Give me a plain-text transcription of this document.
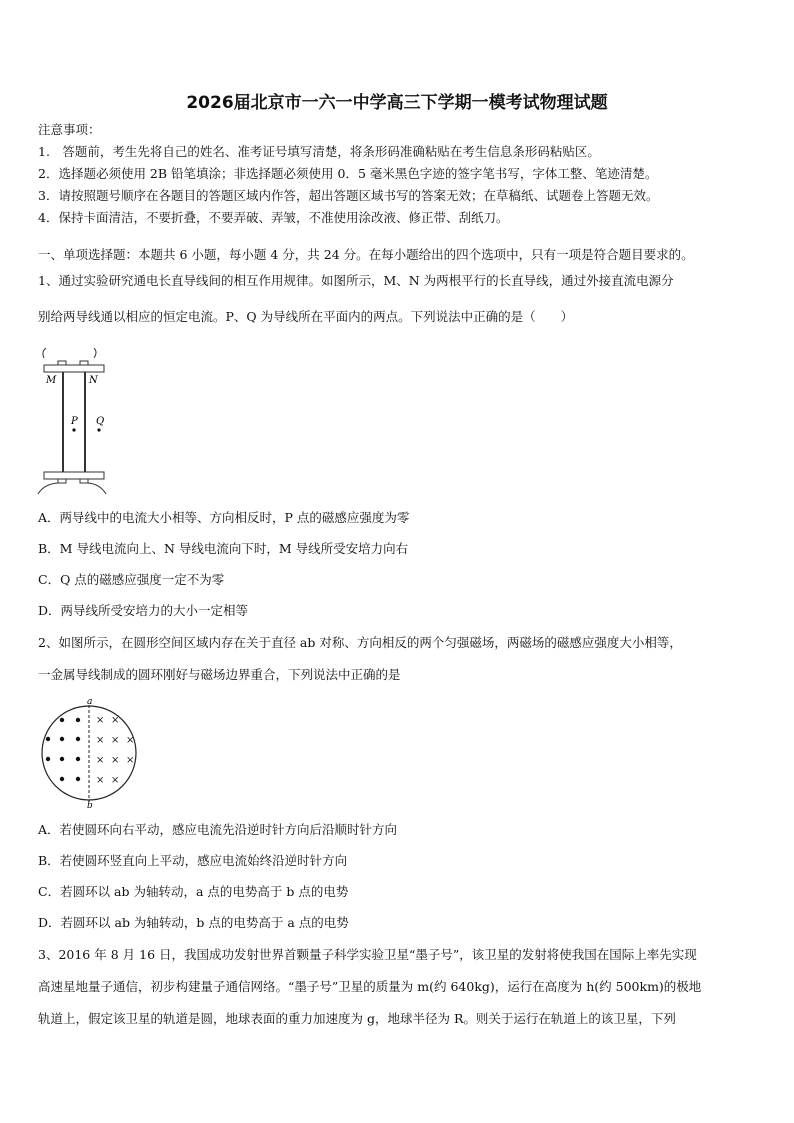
2026届北京市一六一中学高三下学期一模考试物理试题
注意事项：
1.　答题前，考生先将自己的姓名、准考证号填写清楚，将条形码准确粘贴在考生信息条形码粘贴区。
2．选择题必须使用 2B 铅笔填涂；非选择题必须使用 0．5 毫米黑色字迹的签字笔书写，字体工整、笔迹清楚。
3．请按照题号顺序在各题目的答题区域内作答，超出答题区域书写的答案无效；在草稿纸、试题卷上答题无效。
4．保持卡面清洁，不要折叠，不要弄破、弄皱，不准使用涂改液、修正带、刮纸刀。
一、单项选择题：本题共 6 小题，每小题 4 分，共 24 分。在每小题给出的四个选项中，只有一项是符合题目要求的。
1、通过实验研究通电长直导线间的相互作用规律。如图所示，M、N 为两根平行的长直导线，通过外接直流电源分
别给两导线通以相应的恒定电流。P、Q 为导线所在平面内的两点。下列说法中正确的是（　　）
M	N
P Q
A．两导线中的电流大小相等、方向相反时，P 点的磁感应强度为零
B．M 导线电流向上、N 导线电流向下时，M 导线所受安培力向右
C．Q 点的磁感应强度一定不为零
D．两导线所受安培力的大小一定相等
2、如图所示，在圆形空间区域内存在关于直径 ab 对称、方向相反的两个匀强磁场，两磁场的磁感应强度大小相等，
一金属导线制成的圆环刚好与磁场边界重合，下列说法中正确的是
a
b
× ×
× × ×
× × ×
× ×
A．若使圆环向右平动，感应电流先沿逆时针方向后沿顺时针方向
B．若使圆环竖直向上平动，感应电流始终沿逆时针方向
C．若圆环以 ab 为轴转动，a 点的电势高于 b 点的电势
D．若圆环以 ab 为轴转动，b 点的电势高于 a 点的电势
3、2016 年 8 月 16 日，我国成功发射世界首颗量子科学实验卫星“墨子号”，该卫星的发射将使我国在国际上率先实现
高速星地量子通信，初步构建量子通信网络。“墨子号”卫星的质量为 m(约 640kg)，运行在高度为 h(约 500km)的极地
轨道上，假定该卫星的轨道是圆，地球表面的重力加速度为 g，地球半径为 R。则关于运行在轨道上的该卫星，下列
